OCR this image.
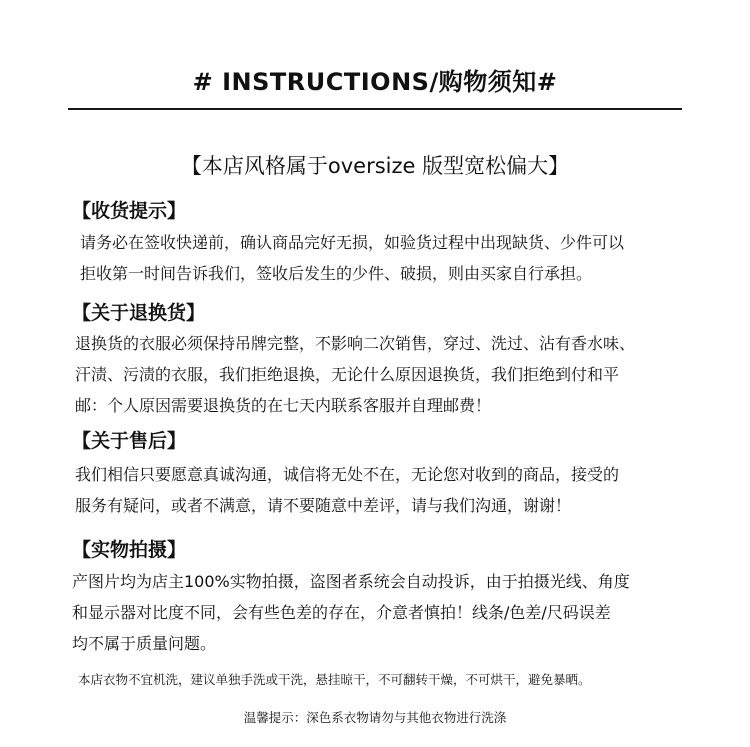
# INSTRUCTIONS/购物须知#
【本店风格属于oversize 版型宽松偏大】
【收货提示】
请务必在签收快递前，确认商品完好无损，如验货过程中出现缺货、少件可以
拒收第一时间告诉我们，签收后发生的少件、破损，则由买家自行承担。
【关于退换货】
退换货的衣服必须保持吊牌完整，不影响二次销售，穿过、洗过、沾有香水味、
汗渍、污渍的衣服，我们拒绝退换，无论什么原因退换货，我们拒绝到付和平
邮：个人原因需要退换货的在七天内联系客服并自理邮费！
【关于售后】
我们相信只要愿意真诚沟通，诚信将无处不在，无论您对收到的商品，接受的
服务有疑问，或者不满意，请不要随意中差评，请与我们沟通，谢谢！
【实物拍摄】
产图片均为店主100%实物拍摄，盗图者系统会自动投诉，由于拍摄光线、角度
和显示器对比度不同，会有些色差的存在，介意者慎拍！线条/色差/尺码误差
均不属于质量问题。
本店衣物不宜机洗，建议单独手洗或干洗，悬挂晾干，不可翻转干燥，不可烘干，避免暴晒。
温馨提示：深色系衣物请勿与其他衣物进行洗涤
